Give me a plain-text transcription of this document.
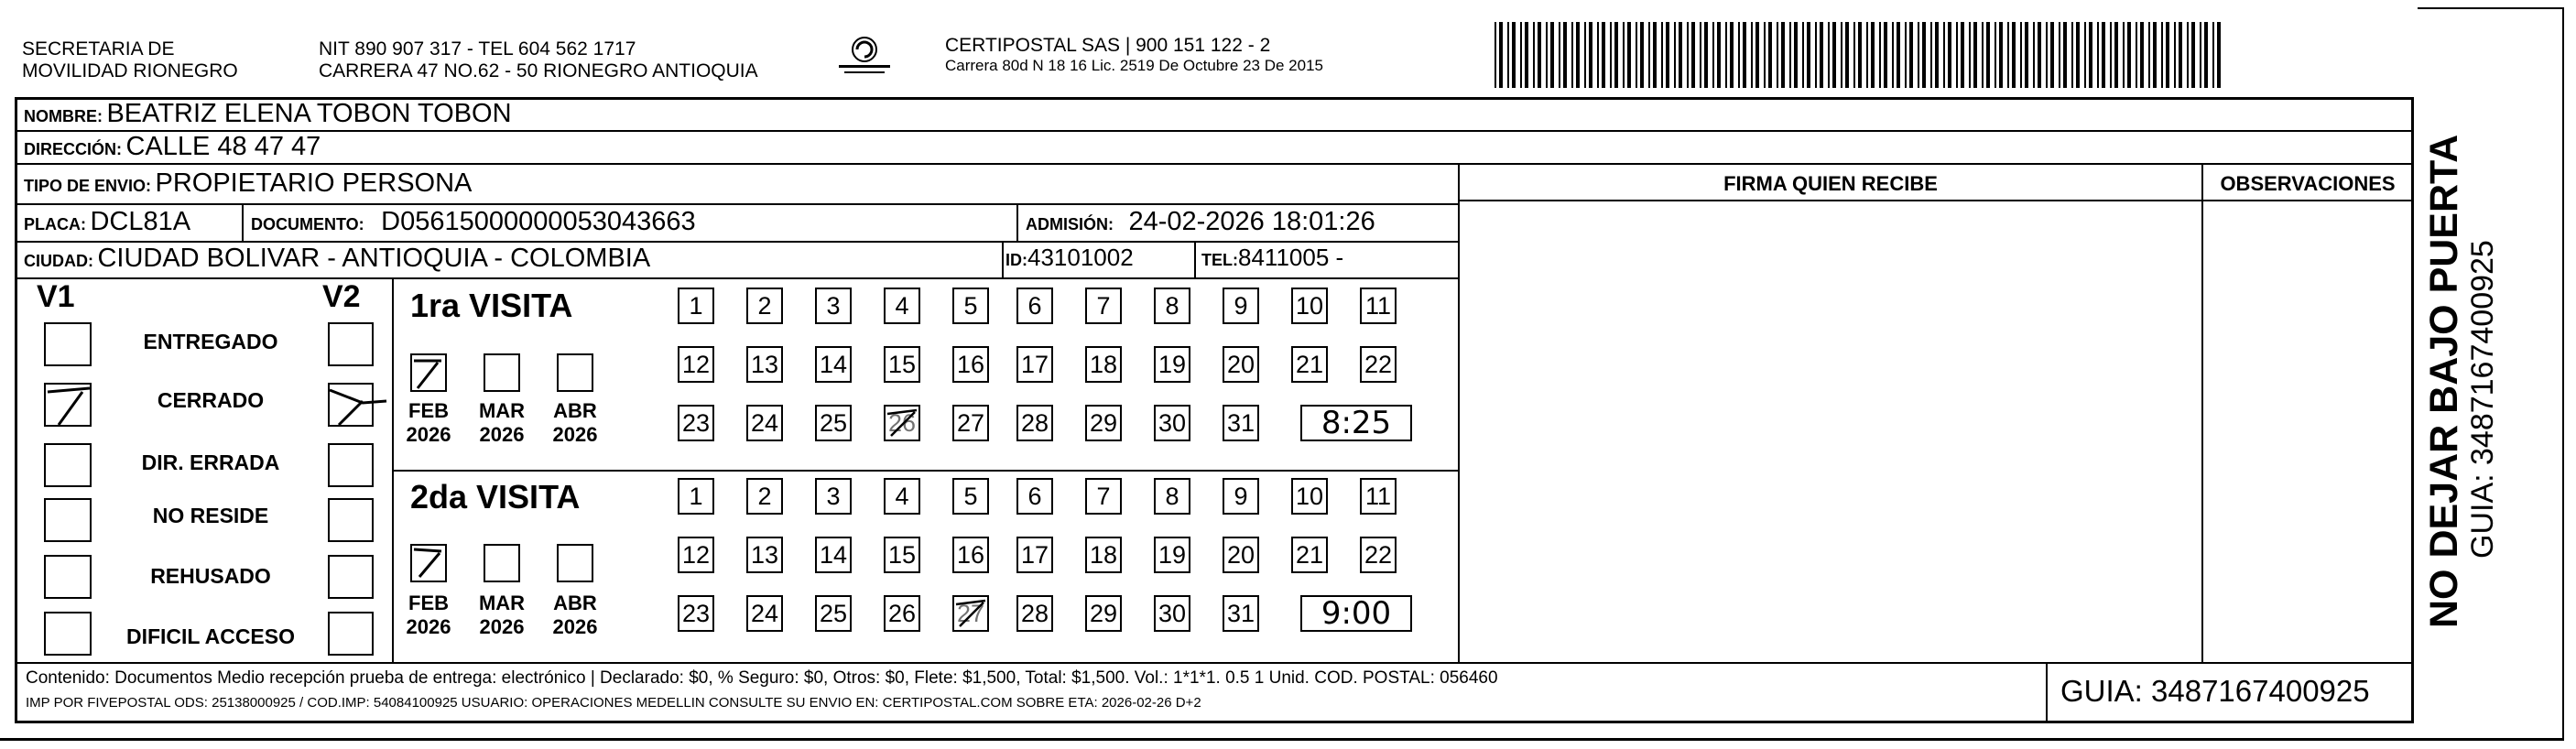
SECRETARIA DE
MOVILIDAD RIONEGRO
NIT 890 907 317 - TEL 604 562 1717
CARRERA 47 NO.62 - 50 RIONEGRO ANTIOQUIA
CERTIPOSTAL SAS | 900 151 122 - 2
Carrera 80d N 18 16 Lic. 2519 De Octubre 23 De 2015
NOMBRE: BEATRIZ ELENA TOBON TOBON
DIRECCIÓN: CALLE 48 47 47
TIPO DE ENVIO: PROPIETARIO PERSONA
PLACA: DCL81A	DOCUMENTO: D05615000000053043663	ADMISIÓN: 24-02-2026 18:01:26
CIUDAD: CIUDAD BOLIVAR - ANTIOQUIA - COLOMBIA	ID:43101002	TEL:8411005 -
FIRMA QUIEN RECIBE	OBSERVACIONES
V1	V2
ENTREGADO
CERRADO
DIR. ERRADA
NO RESIDE
REHUSADO
DIFICIL ACCESO
1ra VISITA
FEB
2026
MAR
2026
ABR
2026
2da VISITA
FEB
2026
MAR
2026
ABR
2026
1	2	3	4	5	6	7	8	9	10 11
12 13 14 15 16 17 18 19 20 21 22
23 24 25 26 27 28 29 30 31	8:25
1	2	3	4	5	6	7	8	9	10 11
12 13 14 15 16 17 18 19 20 21 22
23 24 25 26 27 28 29 30 31	9:00
Contenido: Documentos Medio recepción prueba de entrega: electrónico | Declarado: $0, % Seguro: $0, Otros: $0, Flete: $1,500, Total: $1,500. Vol.: 1*1*1. 0.5 1 Unid. COD. POSTAL: 056460
IMP POR FIVEPOSTAL ODS: 25138000925 / COD.IMP: 54084100925 USUARIO: OPERACIONES MEDELLIN CONSULTE SU ENVIO EN: CERTIPOSTAL.COM SOBRE ETA: 2026-02-26 D+2	GUIA: 3487167400925
NO DEJAR BAJO PUERTA GUIA: 3487167400925
